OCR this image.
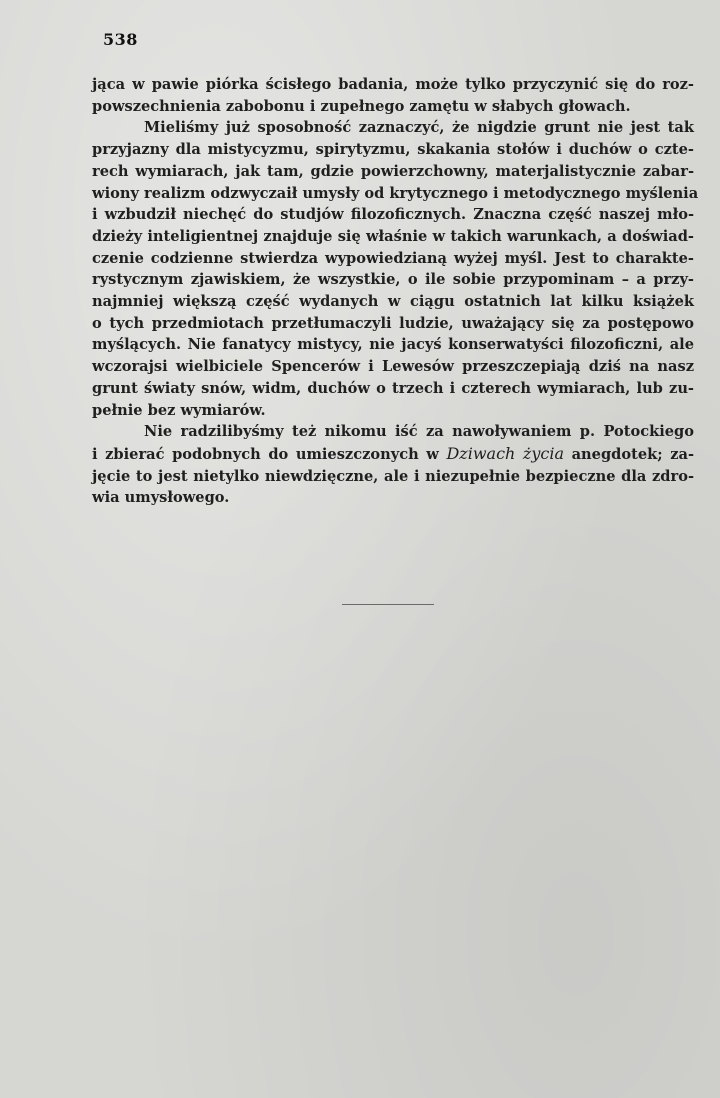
538
jąca w pawie piórka ścisłego badania, może tylko przyczynić się do roz-
powszechnienia zabobonu i zupełnego zamętu w słabych głowach.
Mieliśmy już sposobność zaznaczyć, że nigdzie grunt nie jest tak
przyjazny dla mistycyzmu, spirytyzmu, skakania stołów i duchów o czte-
rech wymiarach, jak tam, gdzie powierzchowny, materjalistycznie zabar-
wiony realizm odzwyczaił umysły od krytycznego i metodycznego myślenia
i wzbudził niechęć do studjów filozoficznych. Znaczna część naszej mło-
dzieży inteligientnej znajduje się właśnie w takich warunkach, a doświad-
czenie codzienne stwierdza wypowiedzianą wyżej myśl. Jest to charakte-
rystycznym zjawiskiem, że wszystkie, o ile sobie przypominam – a przy-
najmniej większą część wydanych w ciągu ostatnich lat kilku książek
o tych przedmiotach przetłumaczyli ludzie, uważający się za postępowo
myślących. Nie fanatycy mistycy, nie jacyś konserwatyści filozoficzni, ale
wczorajsi wielbiciele Spencerów i Lewesów przeszczepiają dziś na nasz
grunt światy snów, widm, duchów o trzech i czterech wymiarach, lub zu-
pełnie bez wymiarów.
Nie radzilibyśmy też nikomu iść za nawoływaniem p. Potockiego
i zbierać podobnych do umieszczonych w Dziwach życia anegdotek; za-
jęcie to jest nietylko niewdzięczne, ale i niezupełnie bezpieczne dla zdro-
wia umysłowego.
